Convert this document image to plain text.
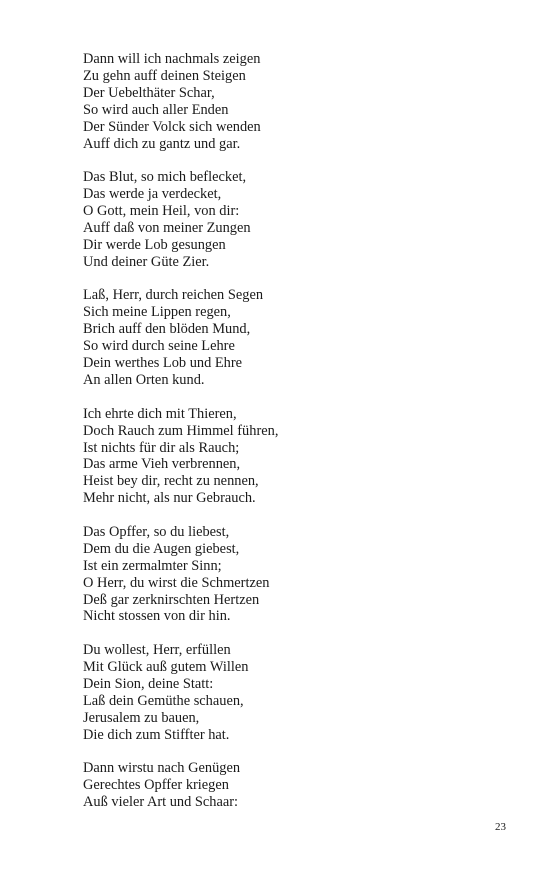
Dann will ich nachmals zeigen
Zu gehn auff deinen Steigen
Der Uebelthäter Schar,
So wird auch aller Enden
Der Sünder Volck sich wenden
Auff dich zu gantz und gar.
Das Blut, so mich beflecket,
Das werde ja verdecket,
O Gott, mein Heil, von dir:
Auff daß von meiner Zungen
Dir werde Lob gesungen
Und deiner Güte Zier.
Laß, Herr, durch reichen Segen
Sich meine Lippen regen,
Brich auff den blöden Mund,
So wird durch seine Lehre
Dein werthes Lob und Ehre
An allen Orten kund.
Ich ehrte dich mit Thieren,
Doch Rauch zum Himmel führen,
Ist nichts für dir als Rauch;
Das arme Vieh verbrennen,
Heist bey dir, recht zu nennen,
Mehr nicht, als nur Gebrauch.
Das Opffer, so du liebest,
Dem du die Augen giebest,
Ist ein zermalmter Sinn;
O Herr, du wirst die Schmertzen
Deß gar zerknirschten Hertzen
Nicht stossen von dir hin.
Du wollest, Herr, erfüllen
Mit Glück auß gutem Willen
Dein Sion, deine Statt:
Laß dein Gemüthe schauen,
Jerusalem zu bauen,
Die dich zum Stiffter hat.
Dann wirstu nach Genügen
Gerechtes Opffer kriegen
Auß vieler Art und Schaar:
23
